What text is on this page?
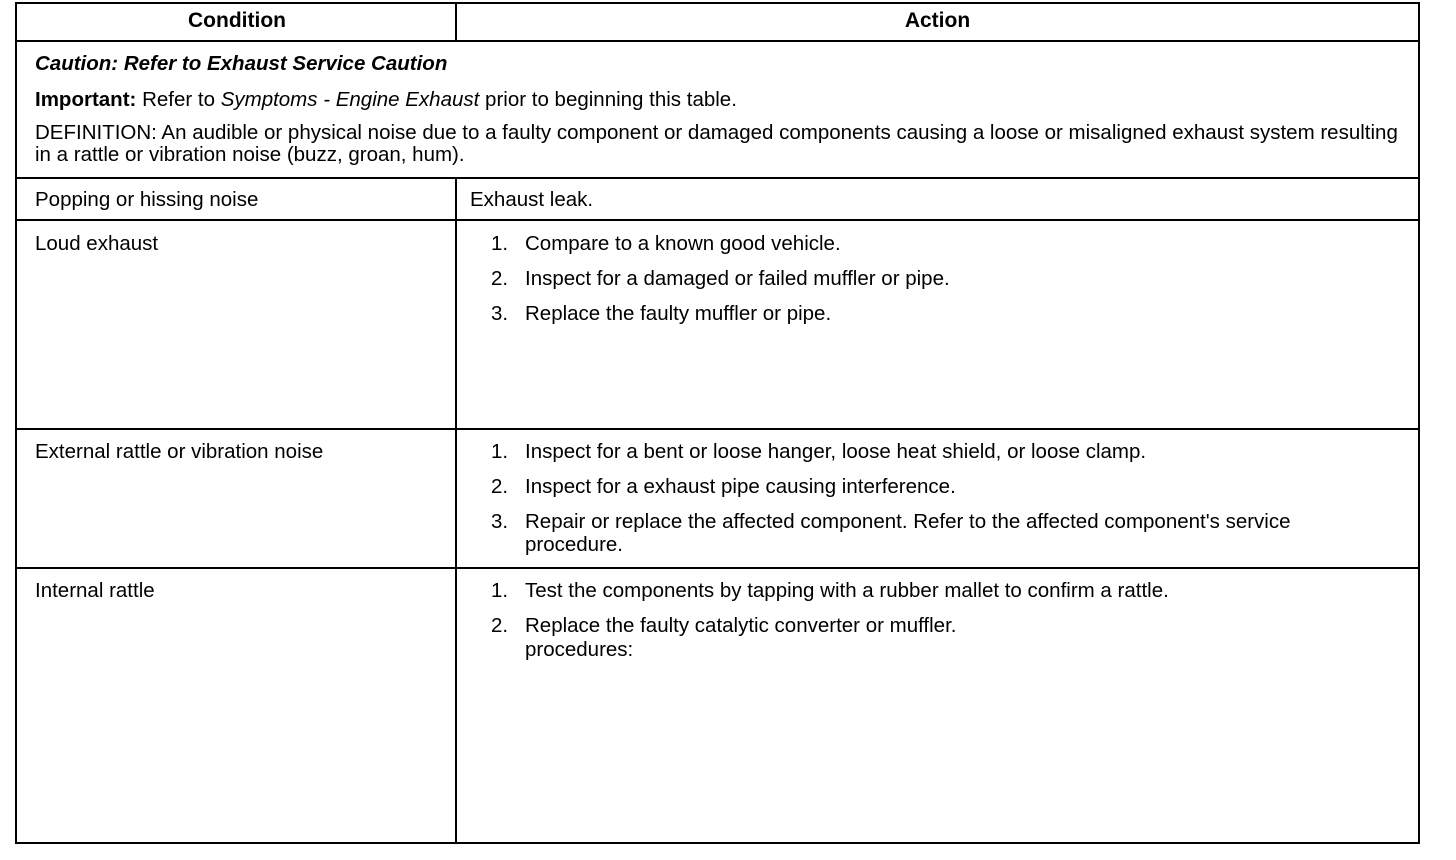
Condition	Action
Caution: Refer to Exhaust Service Caution
Important: Refer to Symptoms - Engine Exhaust prior to beginning this table.
DEFINITION: An audible or physical noise due to a faulty component or damaged components causing a loose or misaligned exhaust system resulting in a rattle or vibration noise (buzz, groan, hum).
Popping or hissing noise	Exhaust leak.
Loud exhaust	1. Compare to a known good vehicle.
2. Inspect for a damaged or failed muffler or pipe.
3. Replace the faulty muffler or pipe.
External rattle or vibration noise	1. Inspect for a bent or loose hanger, loose heat shield, or loose clamp.
2. Inspect for a exhaust pipe causing interference.
3. Repair or replace the affected component. Refer to the affected component's service procedure.
Internal rattle	1. Test the components by tapping with a rubber mallet to confirm a rattle.
2. Replace the faulty catalytic converter or muffler.
procedures:
